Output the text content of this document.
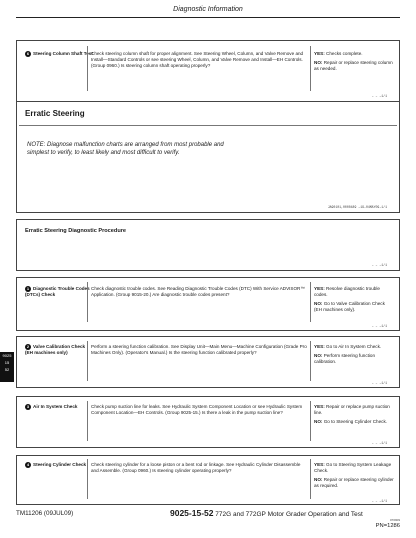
Diagnostic Information
6 Steering Column Shaft Test
Check steering column shaft for proper alignment. See Steering Wheel, Column, and Valve Remove and Install—Standard Controls or see steering Wheel, Column, and Valve Remove and Install—EH Controls. (Group 0960.) Is steering column shaft operating properly?
YES: Checks complete.
NO: Repair or replace steering column as needed.
– – –1/1
Erratic Steering
NOTE: Diagnose malfunction charts are arranged from most probable and simplest to verify, to least likely and most difficult to verify.
JA90101,0000489 –19–04MAY09–1/1
Erratic Steering Diagnostic Procedure
– – –1/1
1 Diagnostic Trouble Codes (DTCs) Check
Check diagnostic trouble codes. See Reading Diagnostic Trouble Codes (DTC) With Service ADVISOR™ Application. (Group 9015-20.) Are diagnostic trouble codes present?
YES: Resolve diagnostic trouble codes.
NO: Go to Valve Calibration Check (EH machines only).
– – –1/1
2 Valve Calibration Check (EH machines only)
Perform a steering function calibration. See Display Unit—Main Menu—Machine Configuration (Grade Pro Machines Only). (Operator's Manual.) Is the steering function calibrated properly?
YES: Go to Air In System Check.
NO: Perform steering function calibration.
– – –1/1
9025
15
52
3 Air In System Check	Check pump suction line for leaks. See Hydraulic System Component Location or see Hydraulic System Component Location—EH Controls. (Group 9025-15.) Is there a leak in the pump suction line?
YES: Repair or replace pump suction line.
NO: Go to Steering Cylinder Check.
– – –1/1
4 Steering Cylinder Check Check steering cylinder for a loose piston or a bent rod or linkage. See Hydraulic Cylinder Disassemble and Assemble. (Group 0960.) Is steering cylinder operating properly?
YES: Go to Steering System Leakage Check.
NO: Repair or replace steering cylinder as required.
– – –1/1
TM11206 (09JUL09)	9025-15-52 772G and 772GP Motor Grader Operation and Test
070909
PN=1286
